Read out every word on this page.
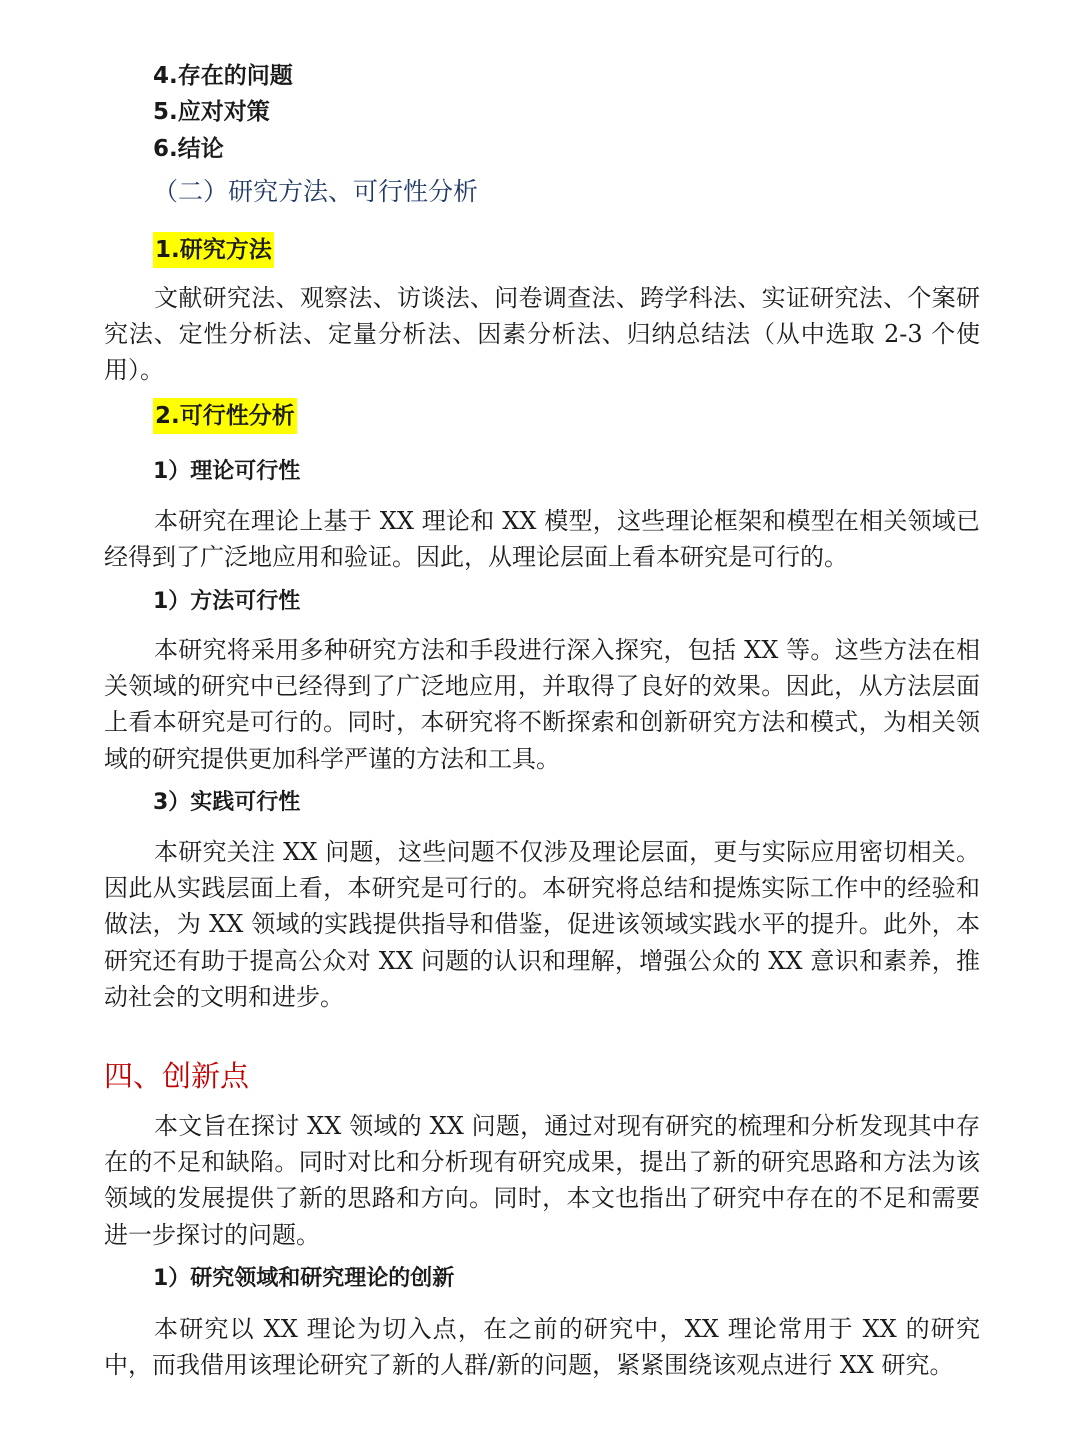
4.存在的问题
5.应对对策
6.结论
（二）研究方法、可行性分析
1.研究方法

文献研究法、观察法、访谈法、问卷调查法、跨学科法、实证研究法、个案研究法、定性分析法、定量分析法、因素分析法、归纳总结法（从中选取 2-3 个使用）。

2.可行性分析
1）理论可行性

本研究在理论上基于 XX 理论和 XX 模型，这些理论框架和模型在相关领域已经得到了广泛地应用和验证。因此，从理论层面上看本研究是可行的。

1）方法可行性

本研究将采用多种研究方法和手段进行深入探究，包括 XX 等。这些方法在相关领域的研究中已经得到了广泛地应用，并取得了良好的效果。因此，从方法层面上看本研究是可行的。同时，本研究将不断探索和创新研究方法和模式，为相关领域的研究提供更加科学严谨的方法和工具。

3）实践可行性

本研究关注 XX 问题，这些问题不仅涉及理论层面，更与实际应用密切相关。因此从实践层面上看，本研究是可行的。本研究将总结和提炼实际工作中的经验和做法，为 XX 领域的实践提供指导和借鉴，促进该领域实践水平的提升。此外，本研究还有助于提高公众对 XX 问题的认识和理解，增强公众的 XX 意识和素养，推动社会的文明和进步。

四、创新点

本文旨在探讨 XX 领域的 XX 问题，通过对现有研究的梳理和分析发现其中存在的不足和缺陷。同时对比和分析现有研究成果，提出了新的研究思路和方法为该领域的发展提供了新的思路和方向。同时，本文也指出了研究中存在的不足和需要进一步探讨的问题。

1）研究领域和研究理论的创新

本研究以 XX 理论为切入点，在之前的研究中，XX 理论常用于 XX 的研究中，而我借用该理论研究了新的人群/新的问题，紧紧围绕该观点进行 XX 研究。
